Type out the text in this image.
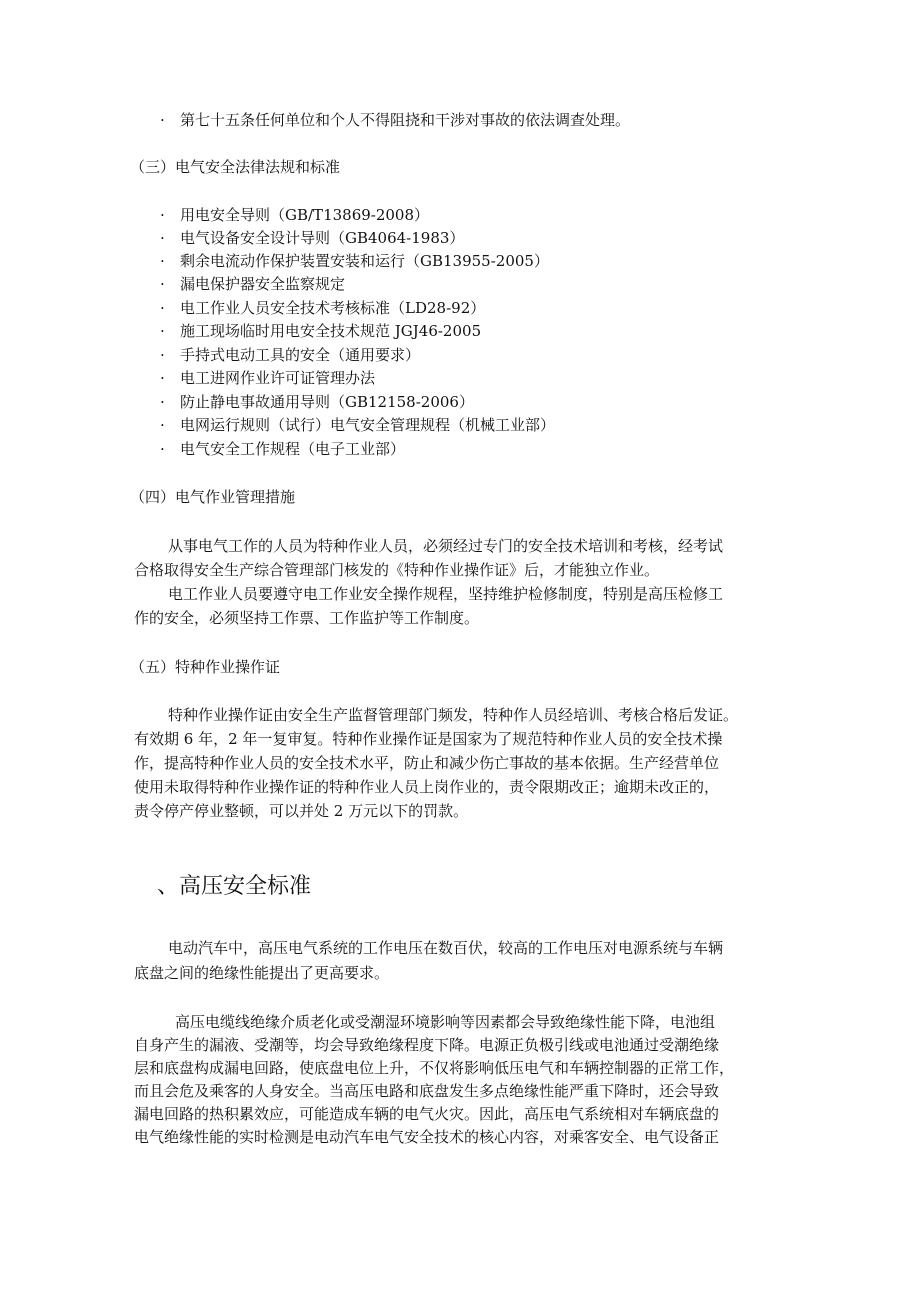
· 第七十五条任何单位和个人不得阻挠和干涉对事故的依法调查处理。
（三）电气安全法律法规和标准
· 用电安全导则（GB/T13869-2008）
· 电气设备安全设计导则（GB4064-1983）
· 剩余电流动作保护装置安装和运行（GB13955-2005）
· 漏电保护器安全监察规定
· 电工作业人员安全技术考核标准（LD28-92）
· 施工现场临时用电安全技术规范 JGJ46-2005
· 手持式电动工具的安全（通用要求）
· 电工进网作业许可证管理办法
· 防止静电事故通用导则（GB12158-2006）
· 电网运行规则（试行）电气安全管理规程（机械工业部）
· 电气安全工作规程（电子工业部）
（四）电气作业管理措施
从事电气工作的人员为特种作业人员，必须经过专门的安全技术培训和考核，经考试
合格取得安全生产综合管理部门核发的《特种作业操作证》后，才能独立作业。
电工作业人员要遵守电工作业安全操作规程，坚持维护检修制度，特别是高压检修工
作的安全，必须坚持工作票、工作监护等工作制度。
（五）特种作业操作证
特种作业操作证由安全生产监督管理部门频发，特种作人员经培训、考核合格后发证。
有效期 6 年，2 年一复审复。特种作业操作证是国家为了规范特种作业人员的安全技术操
作，提高特种作业人员的安全技术水平，防止和减少伤亡事故的基本依据。生产经营单位
使用未取得特种作业操作证的特种作业人员上岗作业的，责令限期改正；逾期未改正的，
责令停产停业整顿，可以并处 2 万元以下的罚款。
、高压安全标准
电动汽车中，高压电气系统的工作电压在数百伏，较高的工作电压对电源系统与车辆
底盘之间的绝缘性能提出了更高要求。
高压电缆线绝缘介质老化或受潮湿环境影响等因素都会导致绝缘性能下降，电池组
自身产生的漏液、受潮等，均会导致绝缘程度下降。电源正负极引线或电池通过受潮绝缘
层和底盘构成漏电回路，使底盘电位上升，不仅将影响低压电气和车辆控制器的正常工作，
而且会危及乘客的人身安全。当高压电路和底盘发生多点绝缘性能严重下降时，还会导致
漏电回路的热积累效应，可能造成车辆的电气火灾。因此，高压电气系统相对车辆底盘的
电气绝缘性能的实时检测是电动汽车电气安全技术的核心内容，对乘客安全、电气设备正
